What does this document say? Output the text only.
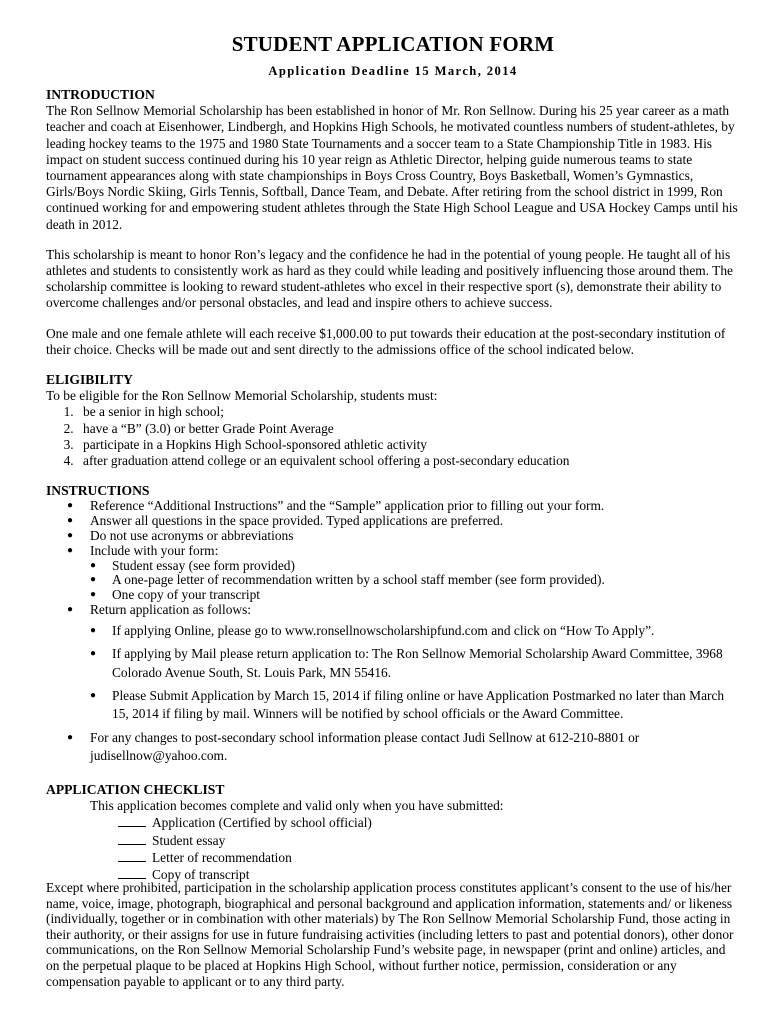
STUDENT APPLICATION FORM
Application Deadline 15 March, 2014
INTRODUCTION

The Ron Sellnow Memorial Scholarship has been established in honor of Mr. Ron Sellnow. During his 25 year career as a math teacher and coach at Eisenhower, Lindbergh, and Hopkins High Schools, he motivated countless numbers of student-athletes, by leading hockey teams to the 1975 and 1980 State Tournaments and a soccer team to a State Championship Title in 1983. His impact on student success continued during his 10 year reign as Athletic Director, helping guide numerous teams to state tournament appearances along with state championships in Boys Cross Country, Boys Basketball, Women’s Gymnastics, Girls/Boys Nordic Skiing, Girls Tennis, Softball, Dance Team, and Debate. After retiring from the school district in 1999, Ron continued working for and empowering student athletes through the State High School League and USA Hockey Camps until his death in 2012.

This scholarship is meant to honor Ron’s legacy and the confidence he had in the potential of young people. He taught all of his athletes and students to consistently work as hard as they could while leading and positively influencing those around them. The scholarship committee is looking to reward student-athletes who excel in their respective sport (s), demonstrate their ability to overcome challenges and/or personal obstacles, and lead and inspire others to achieve success.

One male and one female athlete will each receive $1,000.00 to put towards their education at the post-secondary institution of their choice. Checks will be made out and sent directly to the admissions office of the school indicated below.

ELIGIBILITY

To be eligible for the Ron Sellnow Memorial Scholarship, students must:

1. be a senior in high school;
2. have a “B” (3.0) or better Grade Point Average
3. participate in a Hopkins High School-sponsored athletic activity
4. after graduation attend college or an equivalent school offering a post-secondary education
INSTRUCTIONS
● Reference “Additional Instructions” and the “Sample” application prior to filling out your form.
● Answer all questions in the space provided. Typed applications are preferred.
● Do not use acronyms or abbreviations
● Include with your form:
● Student essay (see form provided)
● A one-page letter of recommendation written by a school staff member (see form provided).
● One copy of your transcript
● Return application as follows:
● If applying Online, please go to www.ronsellnowscholarshipfund.com and click on “How To Apply”.
● If applying by Mail please return application to: The Ron Sellnow Memorial Scholarship Award Committee, 3968 Colorado Avenue South, St. Louis Park, MN 55416.
● Please Submit Application by March 15, 2014 if filing online or have Application Postmarked no later than March 15, 2014 if filing by mail. Winners will be notified by school officials or the Award Committee.
● For any changes to post-secondary school information please contact Judi Sellnow at 612-210-8801 or judisellnow@yahoo.com.
APPLICATION CHECKLIST
This application becomes complete and valid only when you have submitted:
Application (Certified by school official)
Student essay
Letter of recommendation
Copy of transcript

Except where prohibited, participation in the scholarship application process constitutes applicant’s consent to the use of his/her name, voice, image, photograph, biographical and personal background and application information, statements and/ or likeness (individually, together or in combination with other materials) by The Ron Sellnow Memorial Scholarship Fund, those acting in their authority, or their assigns for use in future fundraising activities (including letters to past and potential donors), other donor communications, on the Ron Sellnow Memorial Scholarship Fund’s website page, in newspaper (print and online) articles, and on the perpetual plaque to be placed at Hopkins High School, without further notice, permission, consideration or any compensation payable to applicant or to any third party.
